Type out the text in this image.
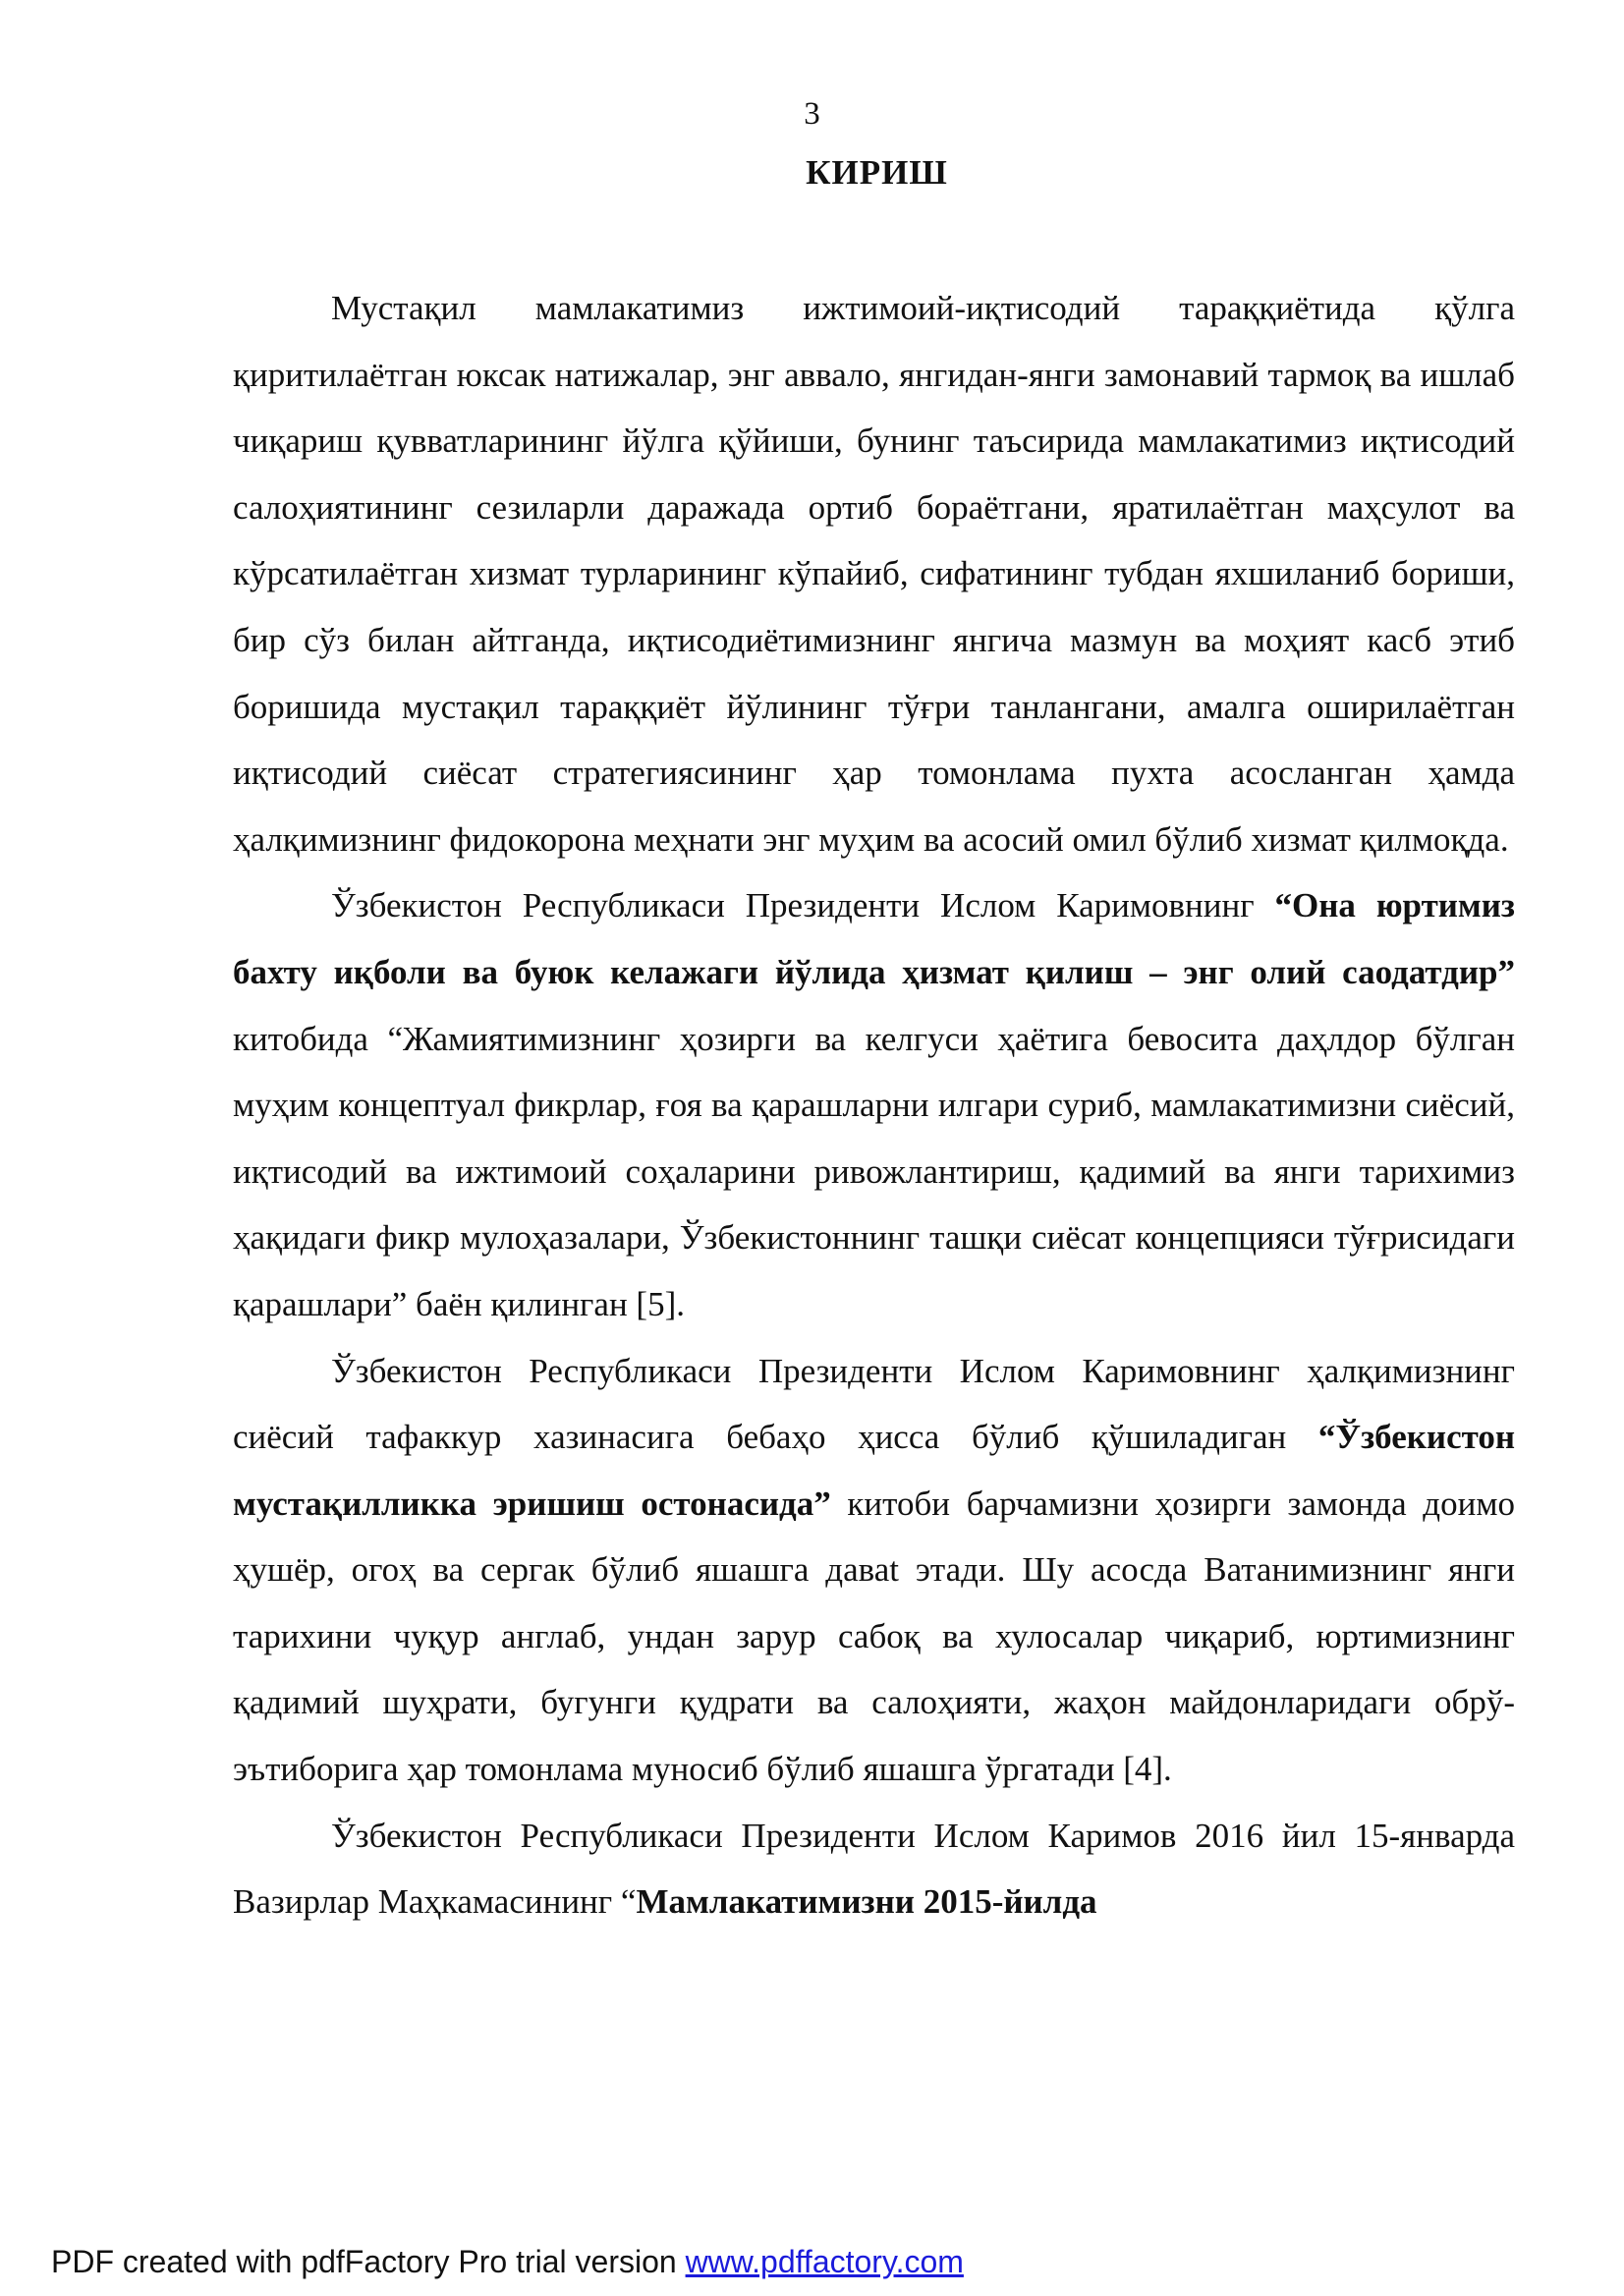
3
КИРИШ

Мустақил мамлакатимиз ижтимоий-иқтисодий тараққиётида қўлга қиритилаётган юксак натижалар, энг аввало, янгидан-янги замонавий тармоқ ва ишлаб чиқариш қувватларининг йўлга қўйиши, бунинг таъсирида мамлакатимиз иқтисодий салоҳиятининг сезиларли даражада ортиб бораётгани, яратилаётган маҳсулот ва кўрсатилаётган хизмат турларининг кўпайиб, сифатининг тубдан яхшиланиб бориши, бир сўз билан айтганда, иқтисодиётимизнинг янгича мазмун ва моҳият касб этиб боришида мустақил тараққиёт йўлининг тўғри танлангани, амалга оширилаётган иқтисодий сиёсат стратегиясининг ҳар томонлама пухта асосланган ҳамда ҳалқимизнинг фидокорона меҳнати энг муҳим ва асосий омил бўлиб хизмат қилмоқда.

Ўзбекистон Республикаси Президенти Ислом Каримовнинг “Она юртимиз бахту иқболи ва буюк келажаги йўлида ҳизмат қилиш – энг олий саодатдир” китобида “Жамиятимизнинг ҳозирги ва келгуси ҳаётига бевосита даҳлдор бўлган муҳим концептуал фикрлар, ғоя ва қарашларни илгари суриб, мамлакатимизни сиёсий, иқтисодий ва ижтимоий соҳаларини ривожлантириш, қадимий ва янги тарихимиз ҳақидаги фикр мулоҳазалари, Ўзбекистоннинг ташқи сиёсат концепцияси тўғрисидаги қарашлари” баён қилинган [5].

Ўзбекистон Республикаси Президенти Ислом Каримовнинг ҳалқимизнинг сиёсий тафаккур хазинасига бебаҳо ҳисса бўлиб қўшиладиган “Ўзбекистон мустақилликка эришиш остонасида” китоби барчамизни ҳозирги замонда доимо ҳушёр, огоҳ ва сергак бўлиб яшашга даваt этади. Шу асосда Ватанимизнинг янги тарихини чуқур англаб, ундан зарур сабоқ ва хулосалар чиқариб, юртимизнинг қадимий шуҳрати, бугунги қудрати ва салоҳияти, жаҳон майдонларидаги обрў-эътиборига ҳар томонлама муносиб бўлиб яшашга ўргатади [4].

Ўзбекистон Республикаси Президенти Ислом Каримов 2016 йил 15-январда Вазирлар Маҳкамасининг “Мамлакатимизни 2015-йилда

PDF created with pdfFactory Pro trial version www.pdffactory.com
